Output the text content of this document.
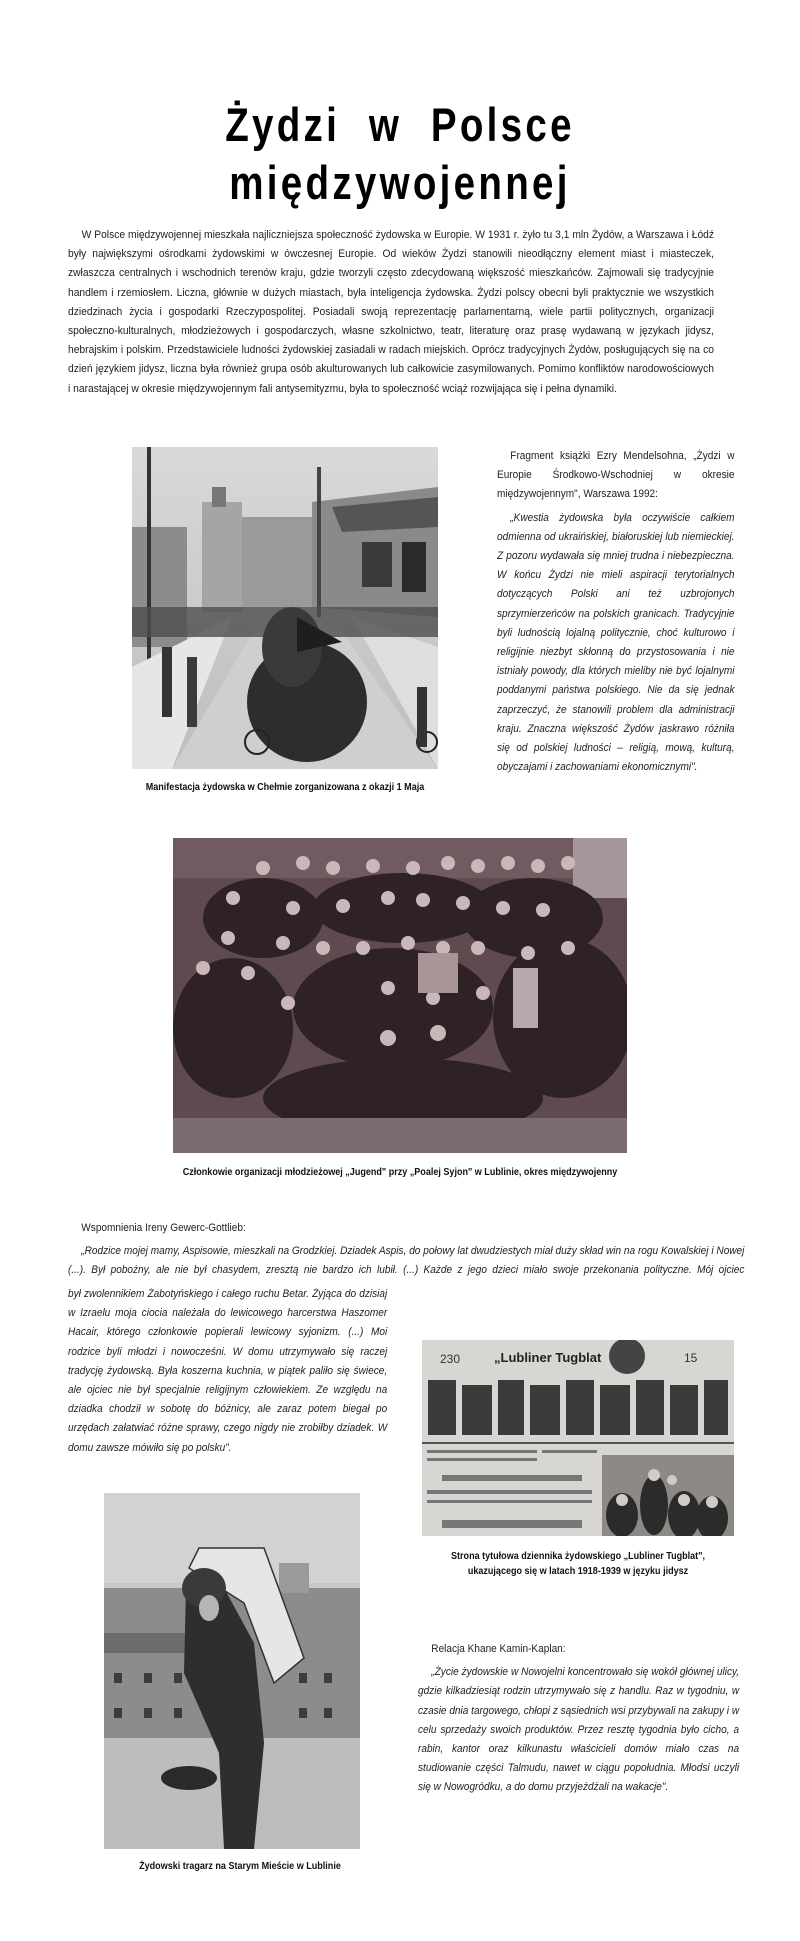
Żydzi w Polsce
międzywojennej

W Polsce międzywojennej mieszkała najliczniejsza społeczność żydowska w Europie. W 1931 r. żyło tu 3,1 mln Żydów, a Warszawa i Łódź były największymi ośrodkami żydowskimi w ówczesnej Europie. Od wieków Żydzi stanowili nieodłączny element miast i miasteczek, zwłaszcza centralnych i wschodnich terenów kraju, gdzie tworzyli często zdecydowaną większość mieszkańców. Zajmowali się tradycyjnie handlem i rzemiosłem. Liczna, głównie w dużych miastach, była inteligencja żydowska. Żydzi polscy obecni byli praktycznie we wszystkich dziedzinach życia i gospodarki Rzeczypospolitej. Posiadali swoją reprezentację parlamentarną, wiele partii politycznych, organizacji społeczno-kulturalnych, młodzieżowych i gospodarczych, własne szkolnictwo, teatr, literaturę oraz prasę wydawaną w językach jidysz, hebrajskim i polskim. Przedstawiciele ludności żydowskiej zasiadali w radach miejskich. Oprócz tradycyjnych Żydów, posługujących się na co dzień językiem jidysz, liczna była również grupa osób akulturowanych lub całkowicie zasymilowanych. Pomimo konfliktów narodowościowych i narastającej w okresie międzywojennym fali antysemityzmu, była to społeczność wciąż rozwijająca się i pełna dynamiki.

Manifestacja żydowska w Chełmie zorganizowana z okazji 1 Maja

Fragment książki Ezry Mendelsohna, „Żydzi w Europie Środkowo-Wschodniej w okresie międzywojennym", Warszawa 1992:

„Kwestia żydowska była oczywiście całkiem odmienna od ukraińskiej, białoruskiej lub niemieckiej. Z pozoru wydawała się mniej trudna i niebezpieczna. W końcu Żydzi nie mieli aspiracji terytorialnych dotyczących Polski ani też uzbrojonych sprzymierzeńców na polskich granicach. Tradycyjnie byli ludnością lojalną politycznie, choć kulturowo i religijnie niezbyt skłonną do przystosowania i nie istniały powody, dla których mieliby nie być lojalnymi poddanymi państwa polskiego. Nie da się jednak zaprzeczyć, że stanowili problem dla administracji kraju. Znaczna większość Żydów jaskrawo różniła się od polskiej ludności – religią, mową, kulturą, obyczajami i zachowaniami ekonomicznymi".

Członkowie organizacji młodzieżowej „Jugend" przy „Poalej Syjon" w Lublinie, okres międzywojenny

Wspomnienia Ireny Gewerc-Gottlieb:

„Rodzice mojej mamy, Aspisowie, mieszkali na Grodzkiej. Dziadek Aspis, do połowy lat dwudziestych miał duży skład win na rogu Kowalskiej i Nowej (...). Był pobożny, ale nie był chasydem, zresztą nie bardzo ich lubił. (...) Każde z jego dzieci miało swoje przekonania polityczne. Mój ojciec

był zwolennikiem Żabotyńskiego i całego ruchu Betar. Żyjąca do dzisiaj w Izraelu moja ciocia należała do lewicowego harcerstwa Haszomer Hacair, którego członkowie popierali lewicowy syjonizm. (...) Moi rodzice byli młodzi i nowocześni. W domu utrzymywało się raczej tradycję żydowską. Była koszerna kuchnia, w piątek paliło się świece, ale ojciec nie był specjalnie religijnym człowiekiem. Ze względu na dziadka chodził w sobotę do bóżnicy, ale zaraz potem biegał po urzędach załatwiać różne sprawy, czego nigdy nie zrobiłby dziadek. W domu zawsze mówiło się po polsku".

230	„Lubliner Tugblat	15
Strona tytułowa dziennika żydowskiego „Lubliner Tugblat",
ukazującego się w latach 1918-1939 w języku jidysz
Żydowski tragarz na Starym Mieście w Lublinie

Relacja Khane Kamin-Kaplan:

„Życie żydowskie w Nowojelni koncentrowało się wokół głównej ulicy, gdzie kilkadziesiąt rodzin utrzymywało się z handlu. Raz w tygodniu, w czasie dnia targowego, chłopi z sąsiednich wsi przybywali na zakupy i w celu sprzedaży swoich produktów. Przez resztę tygodnia było cicho, a rabin, kantor oraz kilkunastu właścicieli domów miało czas na studiowanie części Talmudu, nawet w ciągu popołudnia. Młodsi uczyli się w Nowogródku, a do domu przyjeżdżali na wakacje".
